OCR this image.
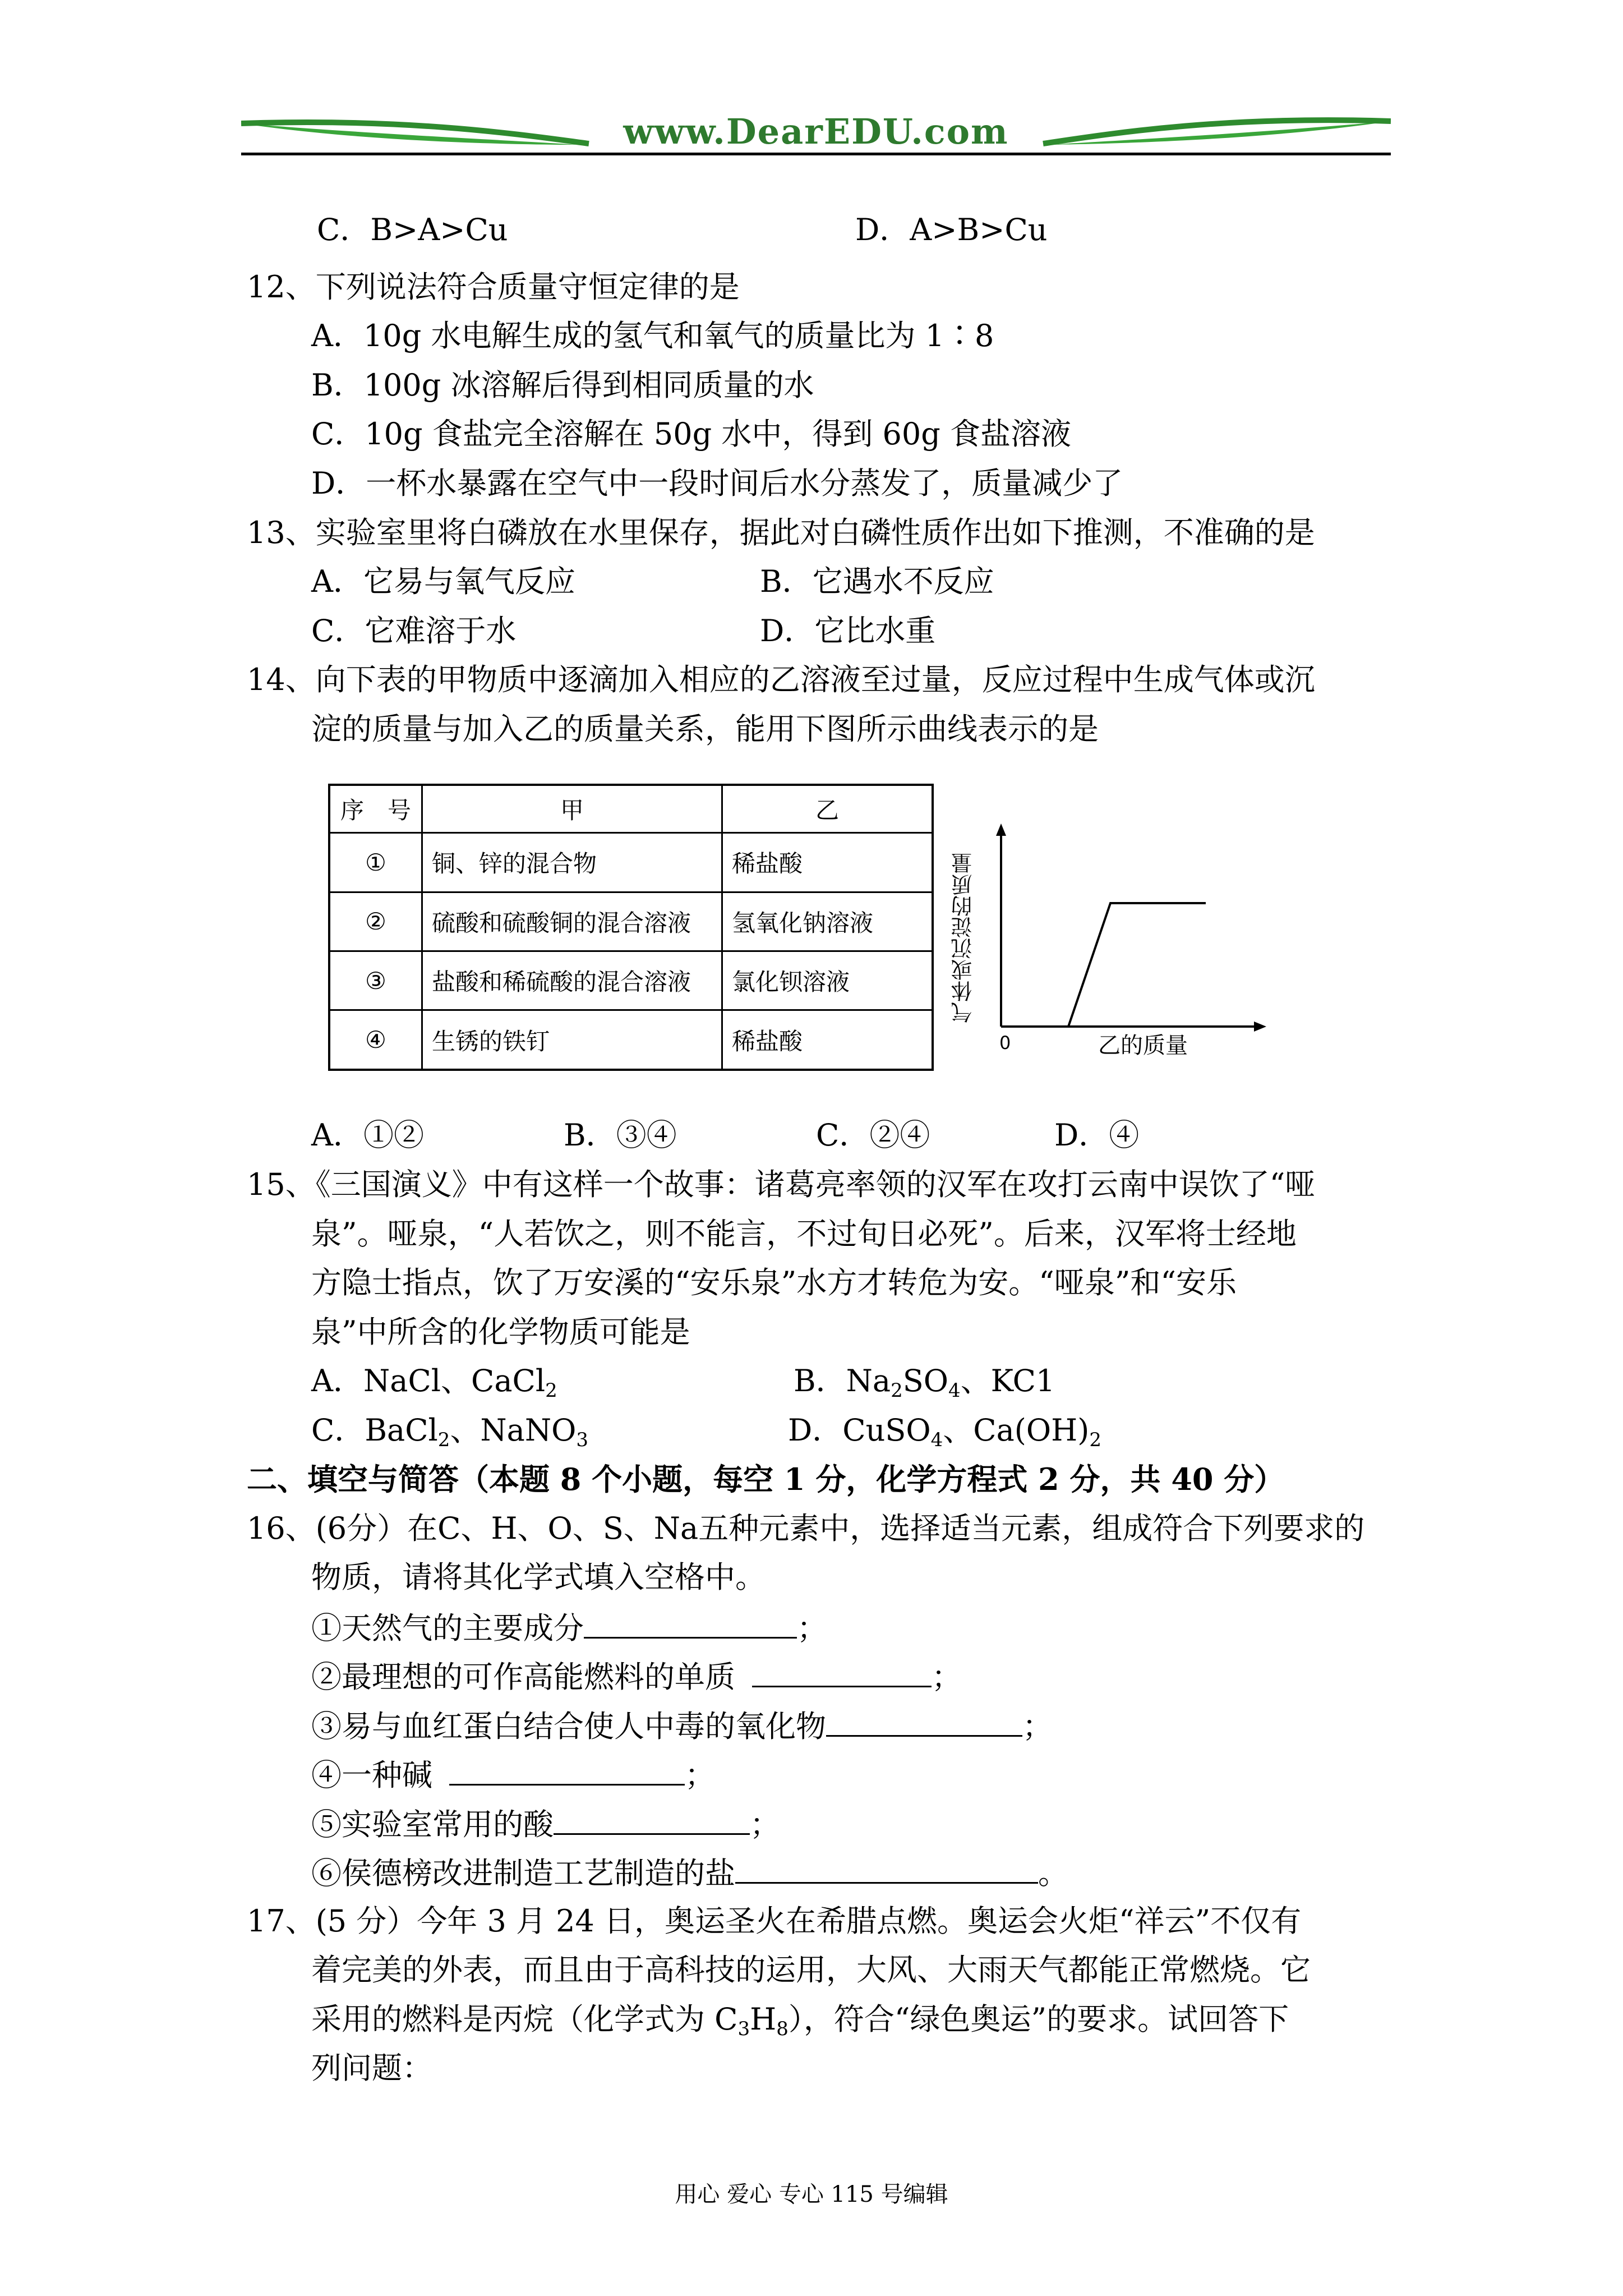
www.DearEDU.com
C．B>A>Cu	D．A>B>Cu
12、下列说法符合质量守恒定律的是
A．10g 水电解生成的氢气和氧气的质量比为 1∶8
B．100g 冰溶解后得到相同质量的水
C．10g 食盐完全溶解在 50g 水中，得到 60g 食盐溶液
D．一杯水暴露在空气中一段时间后水分蒸发了，质量减少了
13、实验室里将白磷放在水里保存，据此对白磷性质作出如下推测，不准确的是
A．它易与氧气反应	B．它遇水不反应
C．它难溶于水	D．它比水重
14、向下表的甲物质中逐滴加入相应的乙溶液至过量，反应过程中生成气体或沉
淀的质量与加入乙的质量关系，能用下图所示曲线表示的是
序　号	甲	乙
①	铜、锌的混合物	稀盐酸
②	硫酸和硫酸铜的混合溶液	氢氧化钠溶液
③	盐酸和稀硫酸的混合溶液	氯化钡溶液
④	生锈的铁钉	稀盐酸
气体或沉淀的质量
0	乙的质量
A．①②	B．③④	C．②④	D．④
15、《三国演义》中有这样一个故事：诸葛亮率领的汉军在攻打云南中误饮了“哑
泉”。哑泉，“人若饮之，则不能言，不过旬日必死”。后来，汉军将士经地
方隐士指点，饮了万安溪的“安乐泉”水方才转危为安。“哑泉”和“安乐
泉”中所含的化学物质可能是
A．NaCl、CaCl$_2$	B．$Na_2SO_4$、KC1
C．BaCl$_2$、NaNO$_3$	D．CuSO$_4$、$Ca(OH)_2$
二、填空与简答（本题 8 个小题，每空 1 分，化学方程式 2 分，共 40 分）
16、(6分）在C、H、O、S、Na五种元素中，选择适当元素，组成符合下列要求的
物质，请将其化学式填入空格中。
①天然气的主要成分	；
②最理想的可作高能燃料的单质	；
③易与血红蛋白结合使人中毒的氧化物	；
④一种碱	；
⑤实验室常用的酸	；
⑥侯德榜改进制造工艺制造的盐	。
17、(5 分）今年 3 月 24 日，奥运圣火在希腊点燃。奥运会火炬“祥云”不仅有
着完美的外表，而且由于高科技的运用，大风、大雨天气都能正常燃烧。它
采用的燃料是丙烷（化学式为 $C_3H_8$），符合“绿色奥运”的要求。试回答下
列问题：
用心 爱心 专心 115 号编辑
